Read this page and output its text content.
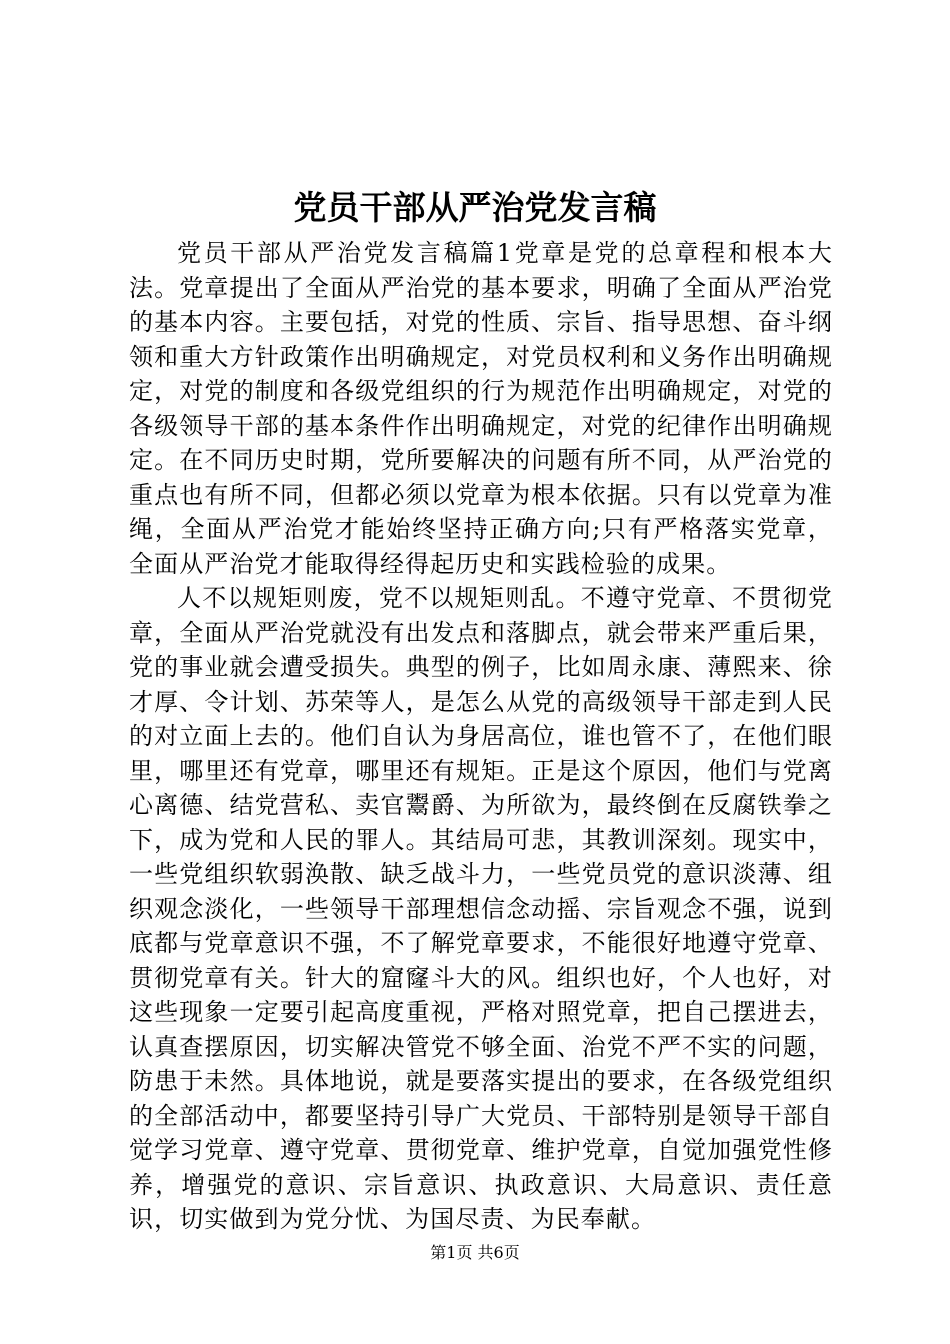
党员干部从严治党发言稿

党员干部从严治党发言稿篇1党章是党的总章程和根本大法。党章提出了全面从严治党的基本要求，明确了全面从严治党的基本内容。主要包括，对党的性质、宗旨、指导思想、奋斗纲领和重大方针政策作出明确规定，对党员权利和义务作出明确规定，对党的制度和各级党组织的行为规范作出明确规定，对党的各级领导干部的基本条件作出明确规定，对党的纪律作出明确规定。在不同历史时期，党所要解决的问题有所不同，从严治党的重点也有所不同，但都必须以党章为根本依据。只有以党章为准绳，全面从严治党才能始终坚持正确方向;只有严格落实党章，全面从严治党才能取得经得起历史和实践检验的成果。

人不以规矩则废，党不以规矩则乱。不遵守党章、不贯彻党章，全面从严治党就没有出发点和落脚点，就会带来严重后果，党的事业就会遭受损失。典型的例子，比如周永康、薄熙来、徐才厚、令计划、苏荣等人，是怎么从党的高级领导干部走到人民的对立面上去的。他们自认为身居高位，谁也管不了，在他们眼里，哪里还有党章，哪里还有规矩。正是这个原因，他们与党离心离德、结党营私、卖官鬻爵、为所欲为，最终倒在反腐铁拳之下，成为党和人民的罪人。其结局可悲，其教训深刻。现实中，一些党组织软弱涣散、缺乏战斗力，一些党员党的意识淡薄、组织观念淡化，一些领导干部理想信念动摇、宗旨观念不强，说到底都与党章意识不强，不了解党章要求，不能很好地遵守党章、贯彻党章有关。针大的窟窿斗大的风。组织也好，个人也好，对这些现象一定要引起高度重视，严格对照党章，把自己摆进去，认真查摆原因，切实解决管党不够全面、治党不严不实的问题，防患于未然。具体地说，就是要落实提出的要求，在各级党组织的全部活动中，都要坚持引导广大党员、干部特别是领导干部自觉学习党章、遵守党章、贯彻党章、维护党章，自觉加强党性修养，增强党的意识、宗旨意识、执政意识、大局意识、责任意识，切实做到为党分忧、为国尽责、为民奉献。

第1页 共6页
